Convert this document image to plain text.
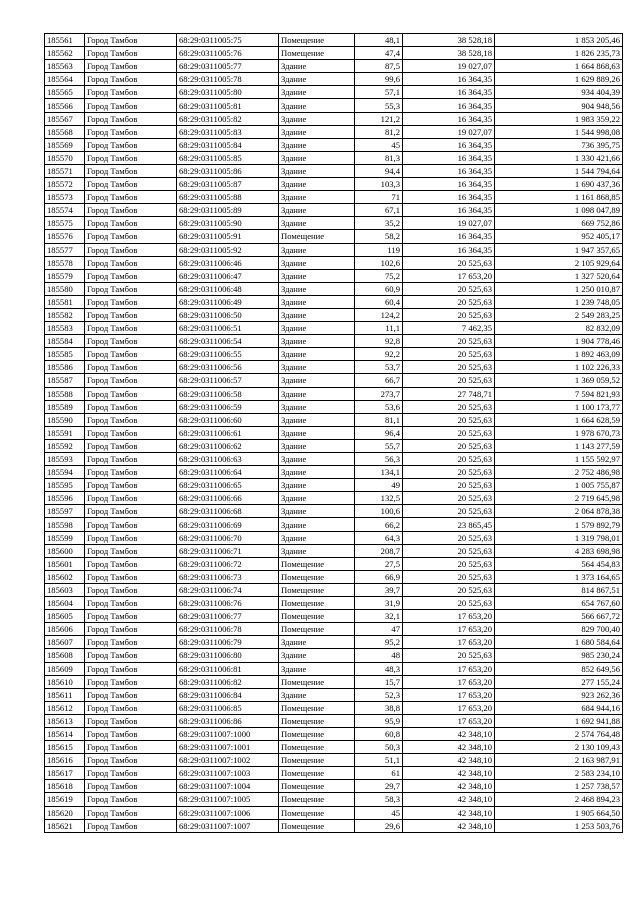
185561	Город Тамбов	68:29:0311005:75	Помещение	48,1	38 528,18	1 853 205,46
185562	Город Тамбов	68:29:0311005:76	Помещение	47,4	38 528,18	1 826 235,73
185563	Город Тамбов	68:29:0311005:77	Здание	87,5	19 027,07	1 664 868,63
185564	Город Тамбов	68:29:0311005:78	Здание	99,6	16 364,35	1 629 889,26
185565	Город Тамбов	68:29:0311005:80	Здание	57,1	16 364,35	934 404,39
185566	Город Тамбов	68:29:0311005:81	Здание	55,3	16 364,35	904 948,56
185567	Город Тамбов	68:29:0311005:82	Здание	121,2	16 364,35	1 983 359,22
185568	Город Тамбов	68:29:0311005:83	Здание	81,2	19 027,07	1 544 998,08
185569	Город Тамбов	68:29:0311005:84	Здание	45	16 364,35	736 395,75
185570	Город Тамбов	68:29:0311005:85	Здание	81,3	16 364,35	1 330 421,66
185571	Город Тамбов	68:29:0311005:86	Здание	94,4	16 364,35	1 544 794,64
185572	Город Тамбов	68:29:0311005:87	Здание	103,3	16 364,35	1 690 437,36
185573	Город Тамбов	68:29:0311005:88	Здание	71	16 364,35	1 161 868,85
185574	Город Тамбов	68:29:0311005:89	Здание	67,1	16 364,35	1 098 047,89
185575	Город Тамбов	68:29:0311005:90	Здание	35,2	19 027,07	669 752,86
185576	Город Тамбов	68:29:0311005:91	Помещение	58,2	16 364,35	952 405,17
185577	Город Тамбов	68:29:0311005:92	Здание	119	16 364,35	1 947 357,65
185578	Город Тамбов	68:29:0311006:46	Здание	102,6	20 525,63	2 105 929,64
185579	Город Тамбов	68:29:0311006:47	Здание	75,2	17 653,20	1 327 520,64
185580	Город Тамбов	68:29:0311006:48	Здание	60,9	20 525,63	1 250 010,87
185581	Город Тамбов	68:29:0311006:49	Здание	60,4	20 525,63	1 239 748,05
185582	Город Тамбов	68:29:0311006:50	Здание	124,2	20 525,63	2 549 283,25
185583	Город Тамбов	68:29:0311006:51	Здание	11,1	7 462,35	82 832,09
185584	Город Тамбов	68:29:0311006:54	Здание	92,8	20 525,63	1 904 778,46
185585	Город Тамбов	68:29:0311006:55	Здание	92,2	20 525,63	1 892 463,09
185586	Город Тамбов	68:29:0311006:56	Здание	53,7	20 525,63	1 102 226,33
185587	Город Тамбов	68:29:0311006:57	Здание	66,7	20 525,63	1 369 059,52
185588	Город Тамбов	68:29:0311006:58	Здание	273,7	27 748,71	7 594 821,93
185589	Город Тамбов	68:29:0311006:59	Здание	53,6	20 525,63	1 100 173,77
185590	Город Тамбов	68:29:0311006:60	Здание	81,1	20 525,63	1 664 628,59
185591	Город Тамбов	68:29:0311006:61	Здание	96,4	20 525,63	1 978 670,73
185592	Город Тамбов	68:29:0311006:62	Здание	55,7	20 525,63	1 143 277,59
185593	Город Тамбов	68:29:0311006:63	Здание	56,3	20 525,63	1 155 592,97
185594	Город Тамбов	68:29:0311006:64	Здание	134,1	20 525,63	2 752 486,98
185595	Город Тамбов	68:29:0311006:65	Здание	49	20 525,63	1 005 755,87
185596	Город Тамбов	68:29:0311006:66	Здание	132,5	20 525,63	2 719 645,98
185597	Город Тамбов	68:29:0311006:68	Здание	100,6	20 525,63	2 064 878,38
185598	Город Тамбов	68:29:0311006:69	Здание	66,2	23 865,45	1 579 892,79
185599	Город Тамбов	68:29:0311006:70	Здание	64,3	20 525,63	1 319 798,01
185600	Город Тамбов	68:29:0311006:71	Здание	208,7	20 525,63	4 283 698,98
185601	Город Тамбов	68:29:0311006:72	Помещение	27,5	20 525,63	564 454,83
185602	Город Тамбов	68:29:0311006:73	Помещение	66,9	20 525,63	1 373 164,65
185603	Город Тамбов	68:29:0311006:74	Помещение	39,7	20 525,63	814 867,51
185604	Город Тамбов	68:29:0311006:76	Помещение	31,9	20 525,63	654 767,60
185605	Город Тамбов	68:29:0311006:77	Помещение	32,1	17 653,20	566 667,72
185606	Город Тамбов	68:29:0311006:78	Помещение	47	17 653,20	829 700,40
185607	Город Тамбов	68:29:0311006:79	Здание	95,2	17 653,20	1 680 584,64
185608	Город Тамбов	68:29:0311006:80	Здание	48	20 525,63	985 230,24
185609	Город Тамбов	68:29:0311006:81	Здание	48,3	17 653,20	852 649,56
185610	Город Тамбов	68:29:0311006:82	Помещение	15,7	17 653,20	277 155,24
185611	Город Тамбов	68:29:0311006:84	Здание	52,3	17 653,20	923 262,36
185612	Город Тамбов	68:29:0311006:85	Помещение	38,8	17 653,20	684 944,16
185613	Город Тамбов	68:29:0311006:86	Помещение	95,9	17 653,20	1 692 941,88
185614	Город Тамбов	68:29:0311007:1000	Помещение	60,8	42 348,10	2 574 764,48
185615	Город Тамбов	68:29:0311007:1001	Помещение	50,3	42 348,10	2 130 109,43
185616	Город Тамбов	68:29:0311007:1002	Помещение	51,1	42 348,10	2 163 987,91
185617	Город Тамбов	68:29:0311007:1003	Помещение	61	42 348,10	2 583 234,10
185618	Город Тамбов	68:29:0311007:1004	Помещение	29,7	42 348,10	1 257 738,57
185619	Город Тамбов	68:29:0311007:1005	Помещение	58,3	42 348,10	2 468 894,23
185620	Город Тамбов	68:29:0311007:1006	Помещение	45	42 348,10	1 905 664,50
185621	Город Тамбов	68:29:0311007:1007	Помещение	29,6	42 348,10	1 253 503,76
